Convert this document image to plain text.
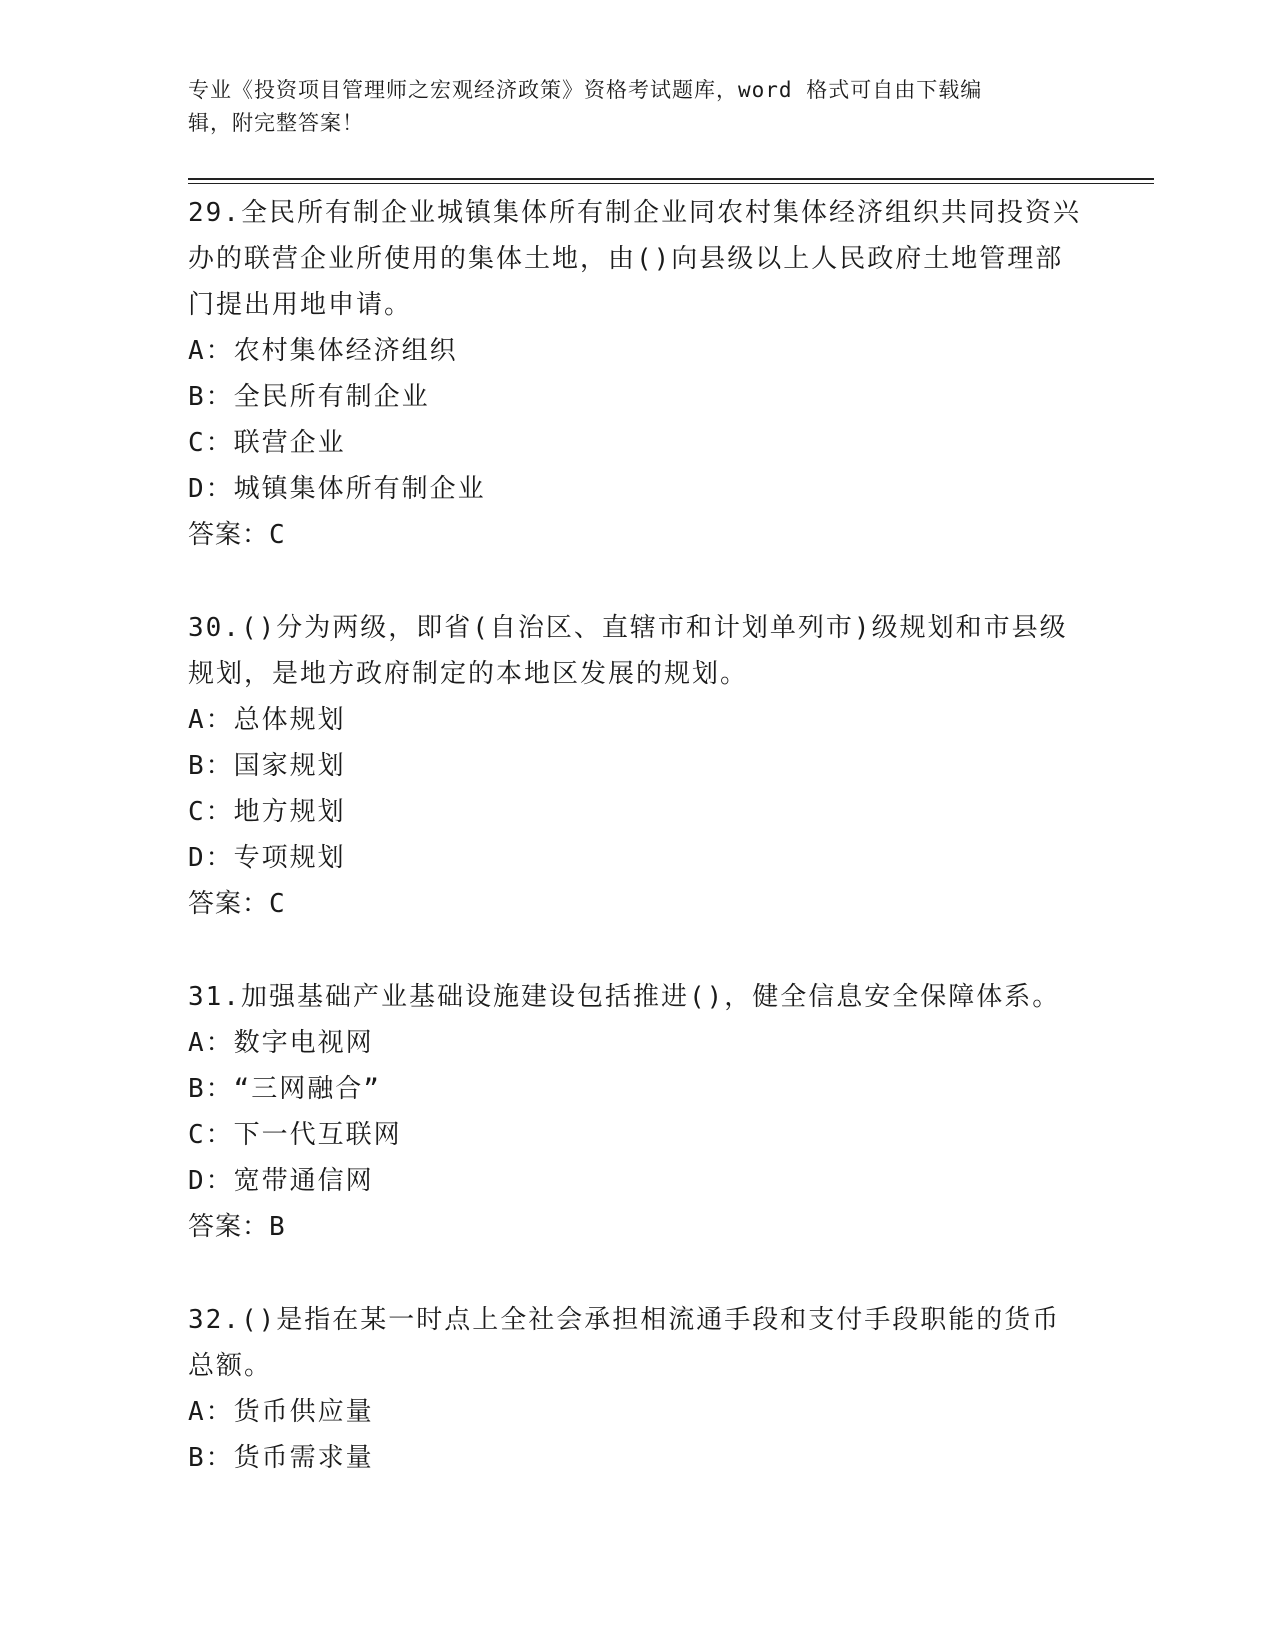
专业《投资项目管理师之宏观经济政策》资格考试题库，word 格式可自由下载编
辑，附完整答案！
29.全民所有制企业城镇集体所有制企业同农村集体经济组织共同投资兴办的联营企业所使用的集体土地，由()向县级以上人民政府土地管理部门提出用地申请。
A：农村集体经济组织
B：全民所有制企业
C：联营企业
D：城镇集体所有制企业
答案：C
30.()分为两级，即省(自治区、直辖市和计划单列市)级规划和市县级规划，是地方政府制定的本地区发展的规划。
A：总体规划
B：国家规划
C：地方规划
D：专项规划
答案：C
31.加强基础产业基础设施建设包括推进()，健全信息安全保障体系。
A：数字电视网
B：“三网融合”
C：下一代互联网
D：宽带通信网
答案：B
32.()是指在某一时点上全社会承担相流通手段和支付手段职能的货币总额。
A：货币供应量
B：货币需求量
